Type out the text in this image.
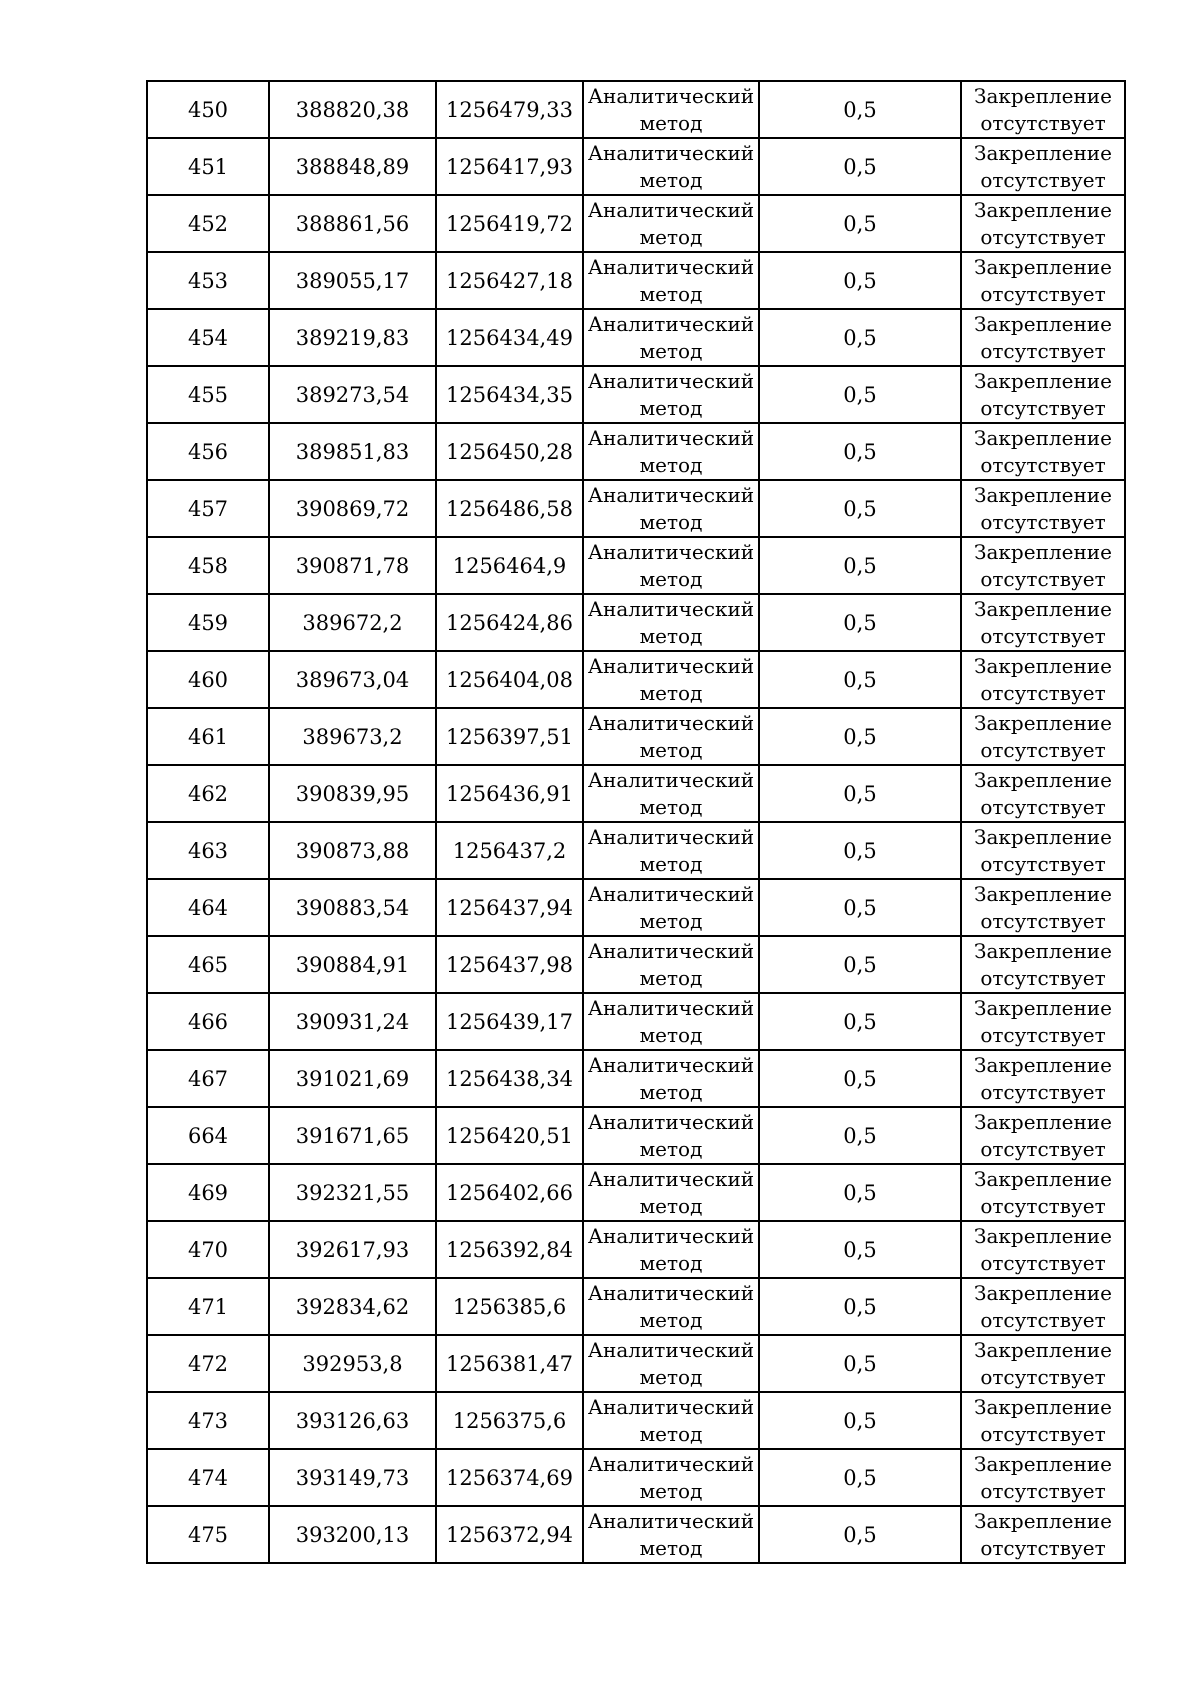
450	388820,38	1256479,33	Аналитический
метод	0,5	Закрепление
отсутствует

451	388848,89	1256417,93	Аналитический
метод	0,5	Закрепление
отсутствует

452	388861,56	1256419,72	Аналитический
метод	0,5	Закрепление
отсутствует

453	389055,17	1256427,18	Аналитический
метод	0,5	Закрепление
отсутствует

454	389219,83	1256434,49	Аналитический
метод	0,5	Закрепление
отсутствует

455	389273,54	1256434,35	Аналитический
метод	0,5	Закрепление
отсутствует

456	389851,83	1256450,28	Аналитический
метод	0,5	Закрепление
отсутствует

457	390869,72	1256486,58	Аналитический
метод	0,5	Закрепление
отсутствует

458	390871,78	1256464,9	Аналитический
метод	0,5	Закрепление
отсутствует

459	389672,2	1256424,86	Аналитический
метод	0,5	Закрепление
отсутствует

460	389673,04	1256404,08	Аналитический
метод	0,5	Закрепление
отсутствует

461	389673,2	1256397,51	Аналитический
метод	0,5	Закрепление
отсутствует

462	390839,95	1256436,91	Аналитический
метод	0,5	Закрепление
отсутствует

463	390873,88	1256437,2	Аналитический
метод	0,5	Закрепление
отсутствует

464	390883,54	1256437,94	Аналитический
метод	0,5	Закрепление
отсутствует

465	390884,91	1256437,98	Аналитический
метод	0,5	Закрепление
отсутствует

466	390931,24	1256439,17	Аналитический
метод	0,5	Закрепление
отсутствует

467	391021,69	1256438,34	Аналитический
метод	0,5	Закрепление
отсутствует

664	391671,65	1256420,51	Аналитический
метод	0,5	Закрепление
отсутствует

469	392321,55	1256402,66	Аналитический
метод	0,5	Закрепление
отсутствует

470	392617,93	1256392,84	Аналитический
метод	0,5	Закрепление
отсутствует

471	392834,62	1256385,6	Аналитический
метод	0,5	Закрепление
отсутствует

472	392953,8	1256381,47	Аналитический
метод	0,5	Закрепление
отсутствует

473	393126,63	1256375,6	Аналитический
метод	0,5	Закрепление
отсутствует

474	393149,73	1256374,69	Аналитический
метод	0,5	Закрепление
отсутствует

475	393200,13	1256372,94	Аналитический
метод	0,5	Закрепление
отсутствует
